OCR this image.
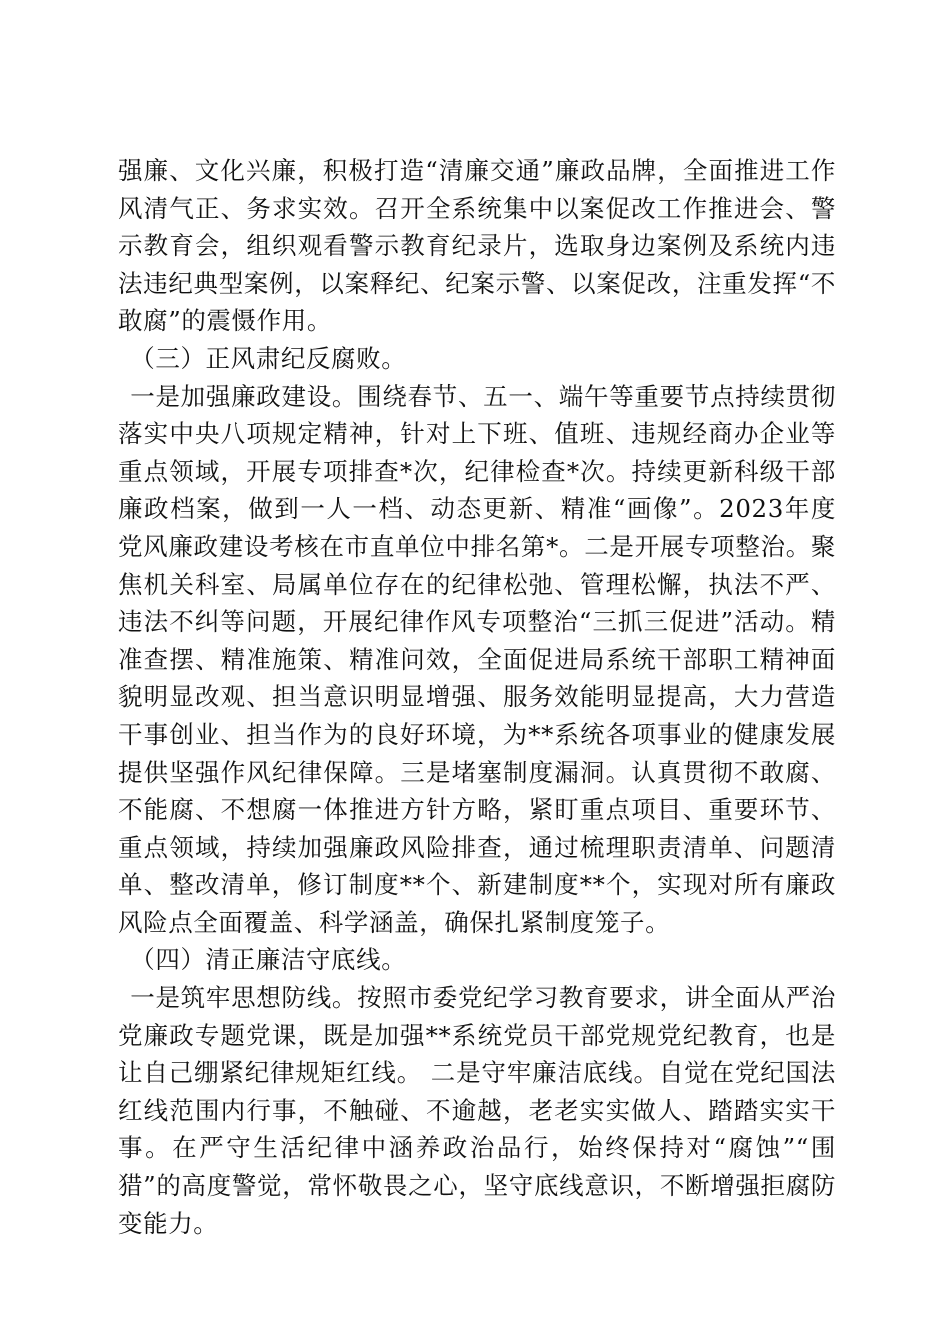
强廉、文化兴廉，积极打造“清廉交通”廉政品牌，全面推进工作风清气正、务求实效。召开全系统集中以案促改工作推进会、警示教育会，组织观看警示教育纪录片，选取身边案例及系统内违法违纪典型案例，以案释纪、纪案示警、以案促改，注重发挥“不敢腐”的震慑作用。

（三）正风肃纪反腐败。

一是加强廉政建设。围绕春节、五一、端午等重要节点持续贯彻落实中央八项规定精神，针对上下班、值班、违规经商办企业等重点领域，开展专项排查*次，纪律检查*次。持续更新科级干部廉政档案，做到一人一档、动态更新、精准“画像”。2023年度党风廉政建设考核在市直单位中排名第*。二是开展专项整治。聚焦机关科室、局属单位存在的纪律松弛、管理松懈，执法不严、违法不纠等问题，开展纪律作风专项整治“三抓三促进”活动。精准查摆、精准施策、精准问效，全面促进局系统干部职工精神面貌明显改观、担当意识明显增强、服务效能明显提高，大力营造干事创业、担当作为的良好环境，为**系统各项事业的健康发展提供坚强作风纪律保障。三是堵塞制度漏洞。认真贯彻不敢腐、不能腐、不想腐一体推进方针方略，紧盯重点项目、重要环节、重点领域，持续加强廉政风险排查，通过梳理职责清单、问题清单、整改清单，修订制度**个、新建制度**个，实现对所有廉政风险点全面覆盖、科学涵盖，确保扎紧制度笼子。

（四）清正廉洁守底线。

一是筑牢思想防线。按照市委党纪学习教育要求，讲全面从严治党廉政专题党课，既是加强**系统党员干部党规党纪教育，也是让自己绷紧纪律规矩红线。 二是守牢廉洁底线。自觉在党纪国法红线范围内行事，不触碰、不逾越，老老实实做人、踏踏实实干事。在严守生活纪律中涵养政治品行，始终保持对“腐蚀”“围猎”的高度警觉，常怀敬畏之心，坚守底线意识，不断增强拒腐防变能力。
